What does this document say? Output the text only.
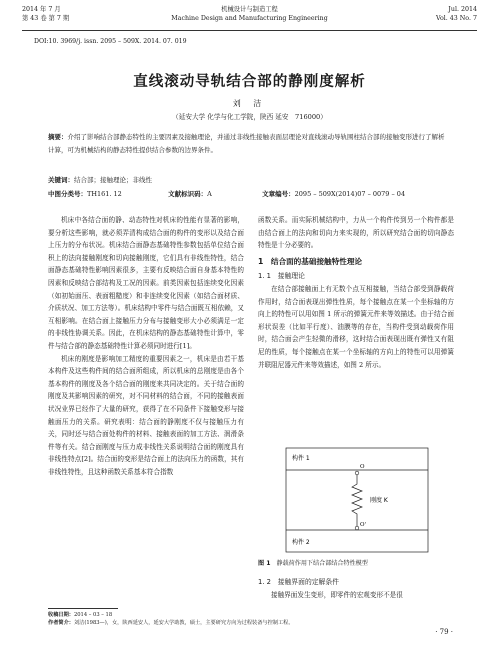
2014 年 7 月
第 43 卷 第 7 期
机械设计与制造工程
Machine Design and Manufacturing Engineering
Jul. 2014
Vol. 43 No. 7
DOI:10. 3969/j. issn. 2095 – 509X. 2014. 07. 019
直线滚动导轨结合部的静刚度解析
刘 洁
（延安大学 化学与化工学院，陕西 延安　716000）
摘要：介绍了影响结合部静态特性的主要因素及接触理论，并通过非线性接触表面层理论对直线滚动导轨围柱结合部的接触变形进行了解析计算，可为机械结构的静态特性提供结合参数的边界条件。
关键词：结合部；接触理论；非线性
中图分类号：TH161. 12	文献标识码：A	文章编号：2095 – 509X(2014)07 – 0079 – 04

机床中各结合面的静、动态特性对机床的性能有显著的影响，要分析这些影响，就必须弄清构成结合面的构件的变形以及结合面上压力的分布状况。机床结合面静态基础特性参数包括单位结合面积上的法向接触刚度和切向接触刚度，它们具有非线性特性，结合面静态基础特性影响因素很多，主要有反映结合面自身基本特性的因素和反映结合部结构及工况的因素。前类因素包括连续变化因素（如初始面压、表面粗糙度）和非连续变化因素（如结合面材质、介质状况、加工方法等）。机床结构中零件与结合面既互相依赖，又互相影响。在结合面上接触压力分布与接触变形大小必须满足一定的非线性协调关系。因此，在机床结构的静态基础特性计算中，零件与结合部的静态基础特性计算必须同时进行[1]。

机床的刚度是影响加工精度的重要因素之一，机床是由若干基本构件及这些构件间的结合面所组成，所以机床的总刚度是由各个基本构件的刚度及各个结合面的刚度来共同决定的。关于结合面的刚度及其影响因素的研究，对不同材料的结合面，不同的接触表面状况业界已经作了大量的研究，获得了在不同条件下接触变形与接触面压力的关系。研究表明：结合面的静刚度不仅与接触压力有关，同时还与结合面处构件的材料、接触表面的加工方法、润滑条件等有关。结合面刚度与压力成非线性关系说明结合面的刚度具有非线性特点[2]。结合面的变形是结合面上的法向压力的函数，其有非线性特性，且这种函数关系基本符合指数

函数关系。而实际机械结构中，力从一个构件传到另一个构件都是由结合面上的法向和切向力来实现的，所以研究结合面的切向静态特性是十分必要的。

1　结合面的基础接触特性理论

1. 1　接触理论

在结合部接触面上有无数个点互相接触，当结合部受到静载荷作用时，结合面表现出弹性性质，每个接触点在某一个坐标轴的方向上的特性可以用如图 1 所示的弹簧元件来等效描述。由于结合面形状误差（比如平行度）、油膜等的存在，当构件受到动载荷作用时，结合面会产生轻微的滑移，这时结合面表现出既有弹性又有阻尼的性质，每个接触点在某一个坐标轴的方向上的特性可以用弹簧并联阻尼器元件来等效描述，如图 2 所示。

构件 1
构件 2
O
O'
刚度 K
图 1 静载荷作用下结合部结合特性模型
1. 2　接触界面的定解条件
接触界面发生变形，即零件的宏观变形不是很
收稿日期：2014 – 03 – 18
作者简介：刘洁(1983—)，女，陕西延安人，延安大学助教，硕士，主要研究方向为过程装备与控制工程。
· 79 ·
